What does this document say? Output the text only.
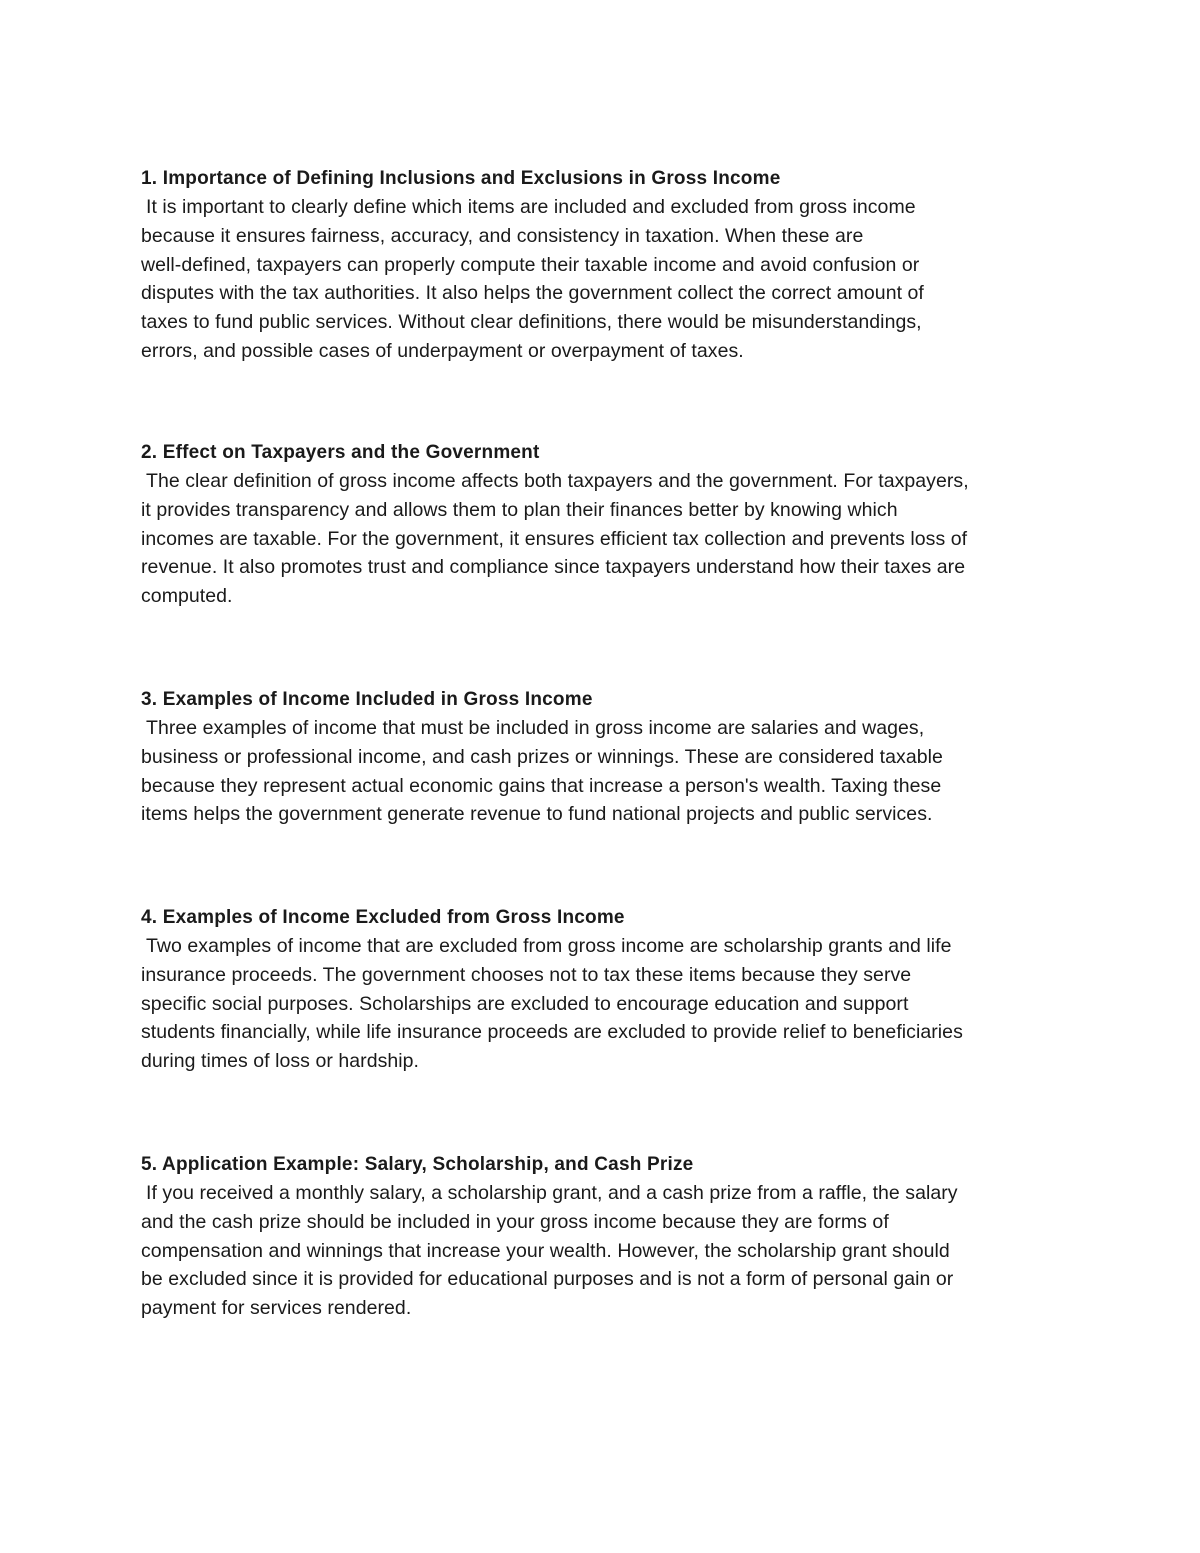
1. Importance of Defining Inclusions and Exclusions in Gross Income

It is important to clearly define which items are included and excluded from gross income

because it ensures fairness, accuracy, and consistency in taxation. When these are

well-defined, taxpayers can properly compute their taxable income and avoid confusion or

disputes with the tax authorities. It also helps the government collect the correct amount of

taxes to fund public services. Without clear definitions, there would be misunderstandings,

errors, and possible cases of underpayment or overpayment of taxes.

2. Effect on Taxpayers and the Government

The clear definition of gross income affects both taxpayers and the government. For taxpayers,

it provides transparency and allows them to plan their finances better by knowing which

incomes are taxable. For the government, it ensures efficient tax collection and prevents loss of

revenue. It also promotes trust and compliance since taxpayers understand how their taxes are

computed.

3. Examples of Income Included in Gross Income

Three examples of income that must be included in gross income are salaries and wages,

business or professional income, and cash prizes or winnings. These are considered taxable

because they represent actual economic gains that increase a person's wealth. Taxing these

items helps the government generate revenue to fund national projects and public services.

4. Examples of Income Excluded from Gross Income

Two examples of income that are excluded from gross income are scholarship grants and life

insurance proceeds. The government chooses not to tax these items because they serve

specific social purposes. Scholarships are excluded to encourage education and support

students financially, while life insurance proceeds are excluded to provide relief to beneficiaries

during times of loss or hardship.

5. Application Example: Salary, Scholarship, and Cash Prize

If you received a monthly salary, a scholarship grant, and a cash prize from a raffle, the salary

and the cash prize should be included in your gross income because they are forms of

compensation and winnings that increase your wealth. However, the scholarship grant should

be excluded since it is provided for educational purposes and is not a form of personal gain or

payment for services rendered.
